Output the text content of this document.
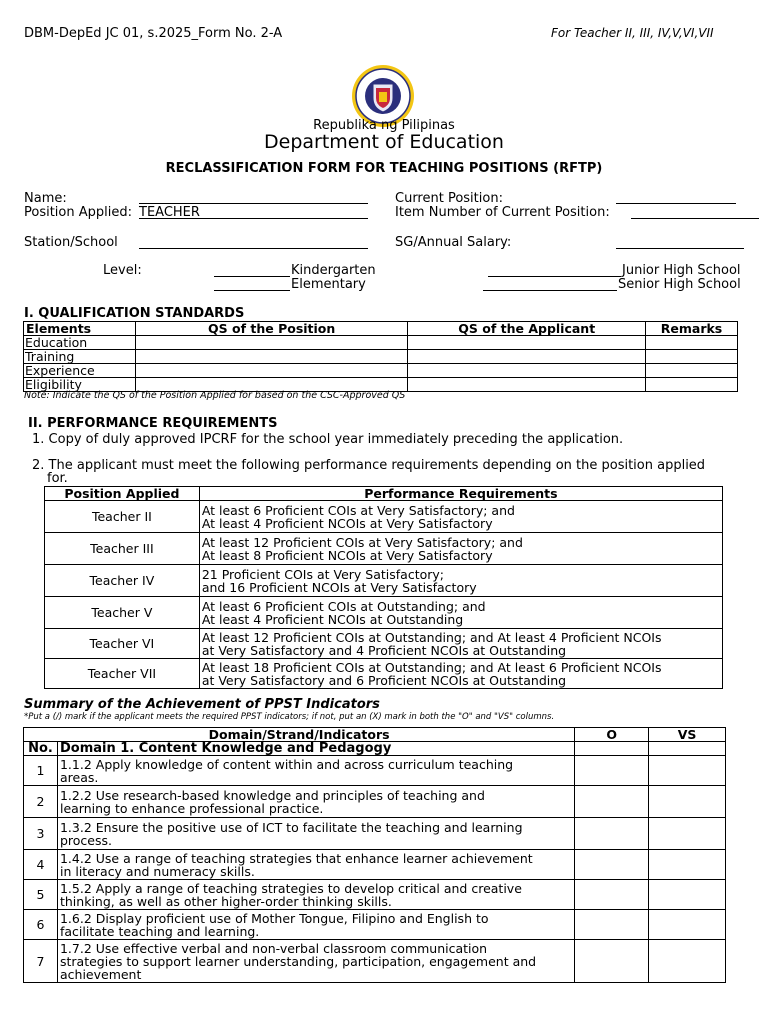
DBM-DepEd JC 01, s.2025_Form No. 2-A	For Teacher II, III, IV,V,VI,VII
Republika ng Pilipinas
Department of Education
RECLASSIFICATION FORM FOR TEACHING POSITIONS (RFTP)
Name:
Position Applied: TEACHER
Station/School
Current Position:
Item Number of Current Position:
SG/Annual Salary:
Level:	Kindergarten
Elementary
Junior High School
Senior High School
I. QUALIFICATION STANDARDS
Elements	QS of the Position	QS of the Applicant	Remarks
Education			
Training			
Experience			
Eligibility			
Note: Indicate the QS of the Position Applied for based on the CSC-Approved QS
II. PERFORMANCE REQUIREMENTS
1. Copy of duly approved IPCRF for the school year immediately preceding the application.
2. The applicant must meet the following performance requirements depending on the position applied
for.
Position Applied	Performance Requirements
Teacher II	At least 6 Proficient COIs at Very Satisfactory; and
At least 4 Proficient NCOIs at Very Satisfactory

Teacher III	At least 12 Proficient COIs at Very Satisfactory; and
At least 8 Proficient NCOIs at Very Satisfactory

Teacher IV	21 Proficient COIs at Very Satisfactory;
and 16 Proficient NCOIs at Very Satisfactory

Teacher V	At least 6 Proficient COIs at Outstanding; and
At least 4 Proficient NCOIs at Outstanding

Teacher VI	At least 12 Proficient COIs at Outstanding; and At least 4 Proficient NCOIs
at Very Satisfactory and 4 Proficient NCOIs at Outstanding

Teacher VII	At least 18 Proficient COIs at Outstanding; and At least 6 Proficient NCOIs
at Very Satisfactory and 6 Proficient NCOIs at Outstanding
Summary of the Achievement of PPST Indicators
*Put a (/) mark if the applicant meets the required PPST indicators; if not, put an (X) mark in both the "O" and "VS" columns.
Domain/Strand/Indicators		O	VS
No.	Domain 1. Content Knowledge and Pedagogy		
1	1.1.2 Apply knowledge of content within and across curriculum teaching
areas.		

2	1.2.2 Use research-based knowledge and principles of teaching and
learning to enhance professional practice.		

3	1.3.2 Ensure the positive use of ICT to facilitate the teaching and learning
process.		

4	1.4.2 Use a range of teaching strategies that enhance learner achievement
in literacy and numeracy skills.		

5	1.5.2 Apply a range of teaching strategies to develop critical and creative
thinking, as well as other higher-order thinking skills.		

6	1.6.2 Display proficient use of Mother Tongue, Filipino and English to
facilitate teaching and learning.		

7	1.7.2 Use effective verbal and non-verbal classroom communication
strategies to support learner understanding, participation, engagement and
achievement		
